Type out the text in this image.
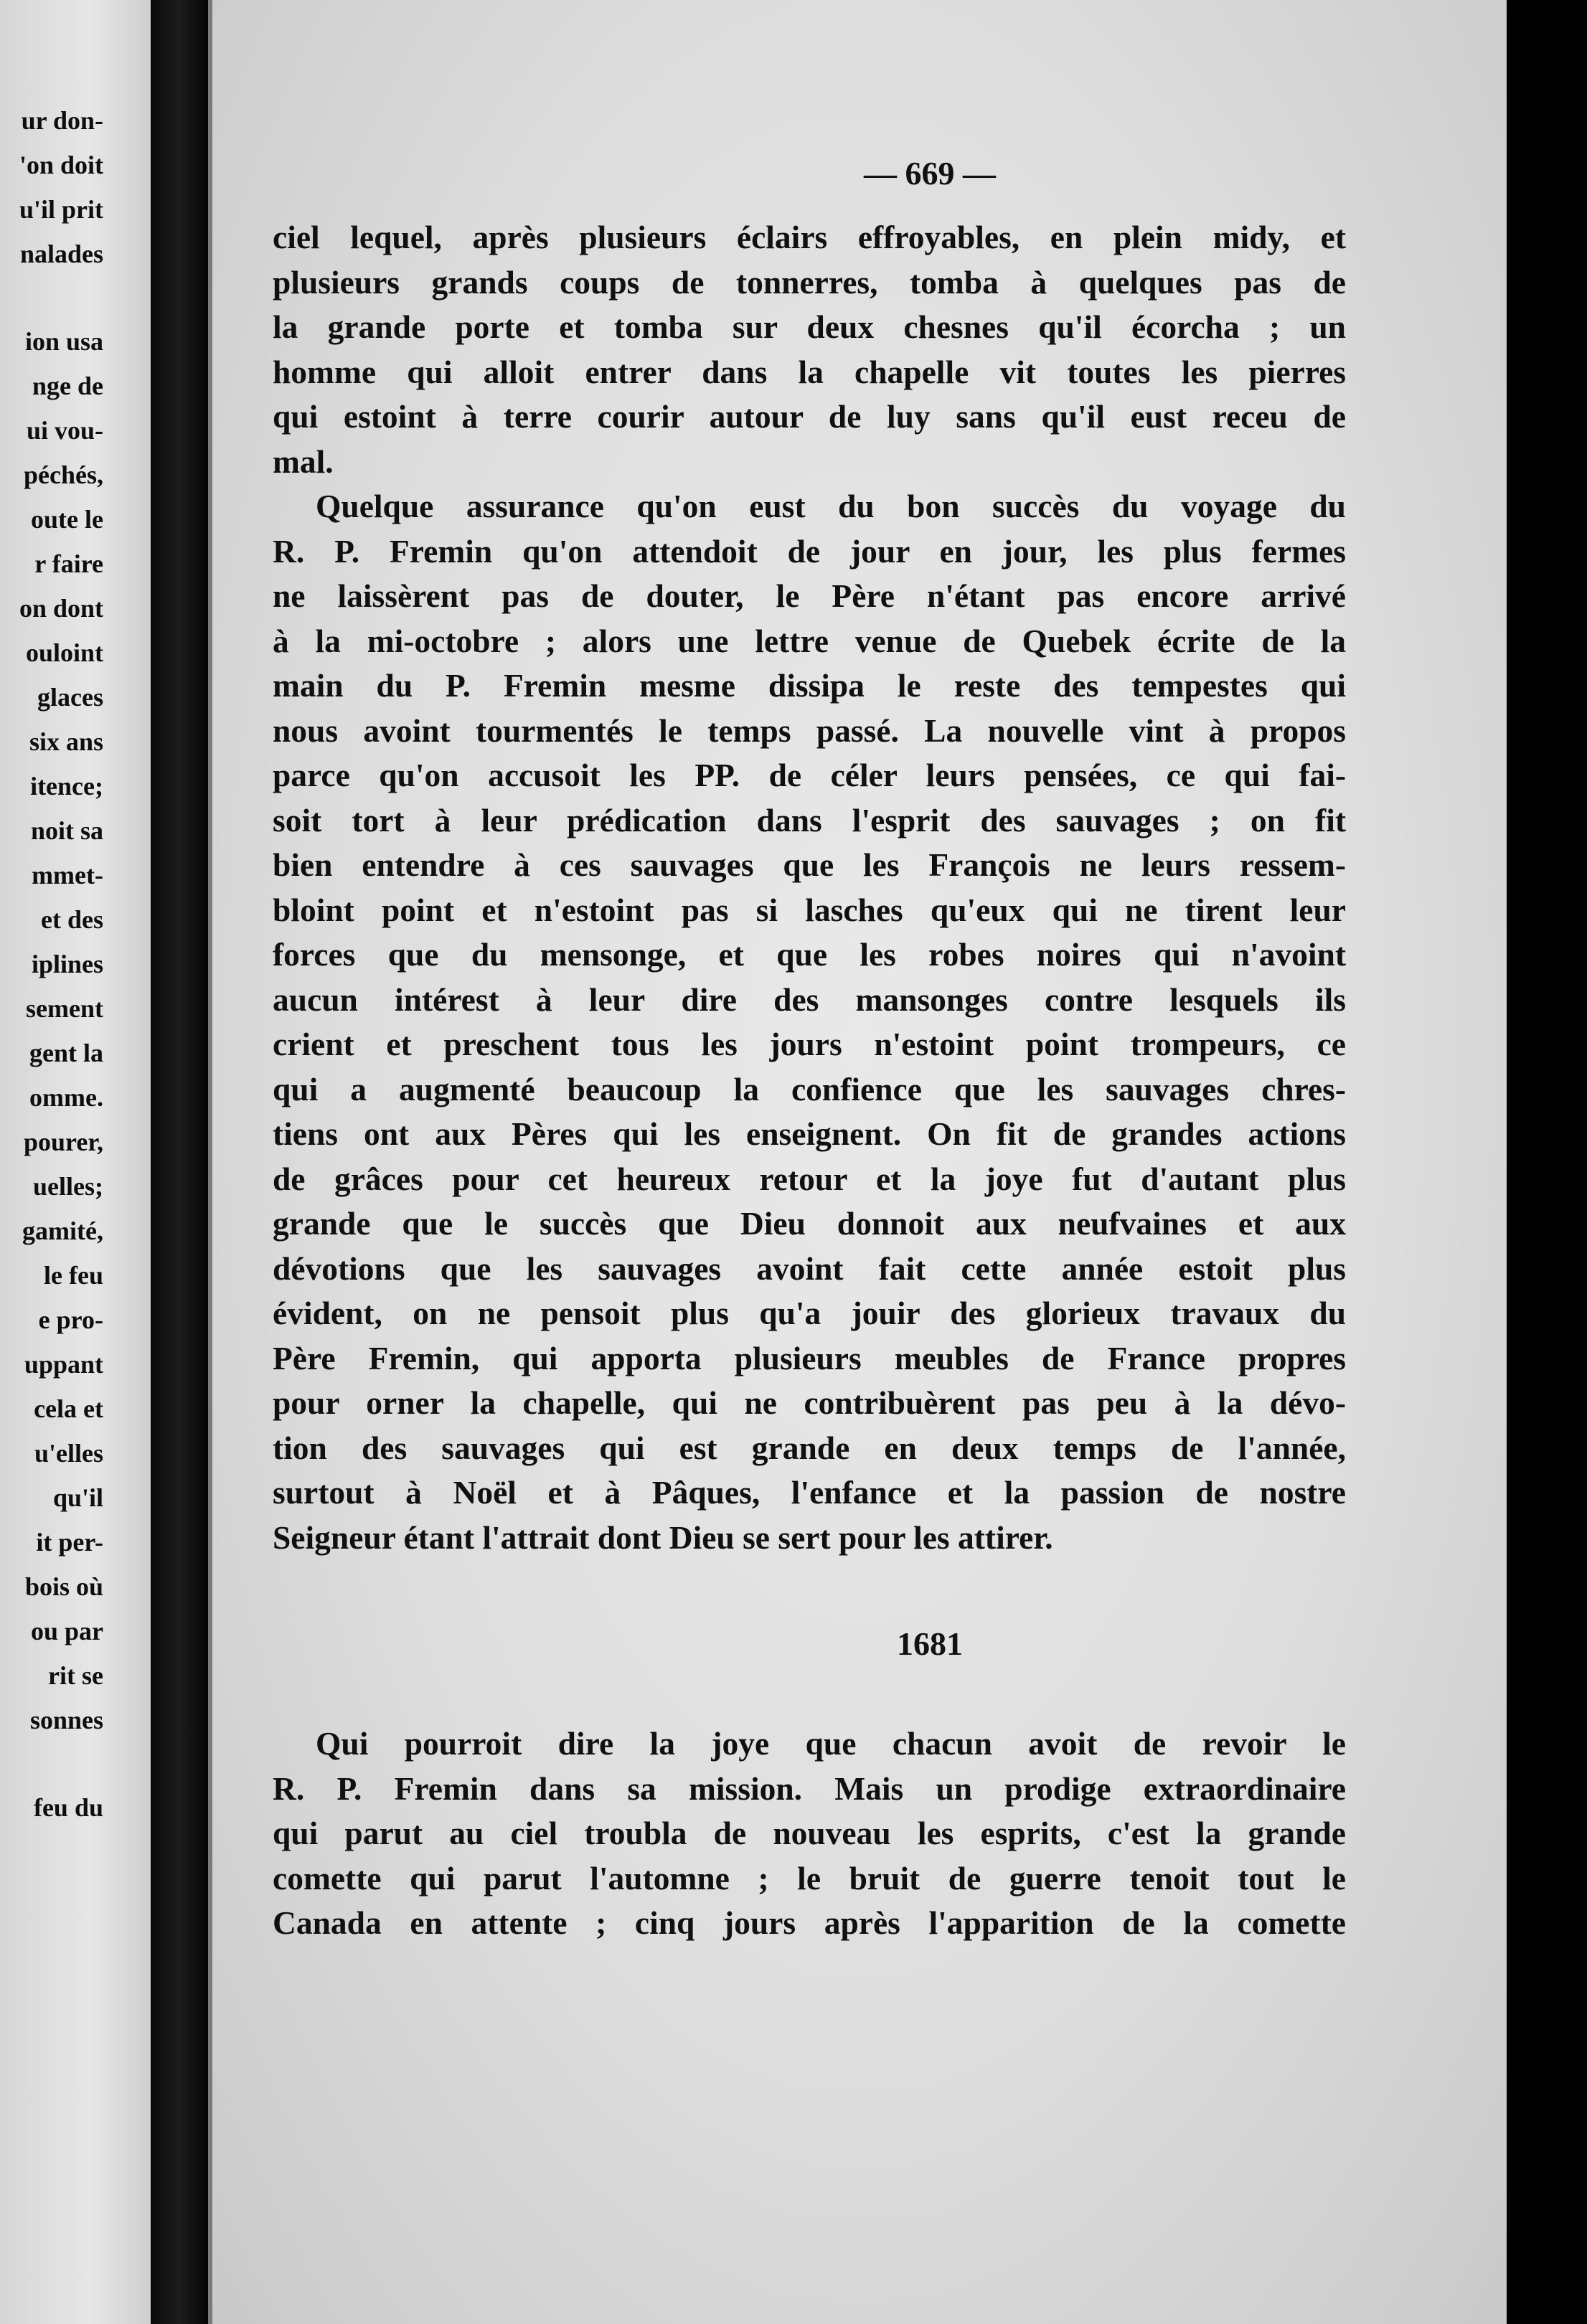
ur don-
'on doit
u'il prit
nalades
ion usa
nge de
ui vou-
péchés,
oute le
r faire
on dont
ouloint
glaces
six ans
itence;
noit sa
mmet-
et des
iplines
sement
gent la
omme.
pourer,
uelles;
gamité,
le feu
e pro-
uppant
cela et
u'elles
qu'il
it per-
bois où
ou par
rit se
sonnes
feu du
— 669 —
ciel lequel, après plusieurs éclairs effroyables, en plein midy, et
plusieurs grands coups de tonnerres, tomba à quelques pas de
la grande porte et tomba sur deux chesnes qu'il écorcha ; un
homme qui alloit entrer dans la chapelle vit toutes les pierres
qui estoint à terre courir autour de luy sans qu'il eust receu de
mal.
Quelque assurance qu'on eust du bon succès du voyage du
R. P. Fremin qu'on attendoit de jour en jour, les plus fermes
ne laissèrent pas de douter, le Père n'étant pas encore arrivé
à la mi-octobre ; alors une lettre venue de Quebek écrite de la
main du P. Fremin mesme dissipa le reste des tempestes qui
nous avoint tourmentés le temps passé. La nouvelle vint à propos
parce qu'on accusoit les PP. de céler leurs pensées, ce qui fai-
soit tort à leur prédication dans l'esprit des sauvages ; on fit
bien entendre à ces sauvages que les François ne leurs ressem-
bloint point et n'estoint pas si lasches qu'eux qui ne tirent leur
forces que du mensonge, et que les robes noires qui n'avoint
aucun intérest à leur dire des mansonges contre lesquels ils
crient et preschent tous les jours n'estoint point trompeurs, ce
qui a augmenté beaucoup la confience que les sauvages chres-
tiens ont aux Pères qui les enseignent. On fit de grandes actions
de grâces pour cet heureux retour et la joye fut d'autant plus
grande que le succès que Dieu donnoit aux neufvaines et aux
dévotions que les sauvages avoint fait cette année estoit plus
évident, on ne pensoit plus qu'a jouir des glorieux travaux du
Père Fremin, qui apporta plusieurs meubles de France propres
pour orner la chapelle, qui ne contribuèrent pas peu à la dévo-
tion des sauvages qui est grande en deux temps de l'année,
surtout à Noël et à Pâques, l'enfance et la passion de nostre
Seigneur étant l'attrait dont Dieu se sert pour les attirer.
1681
Qui pourroit dire la joye que chacun avoit de revoir le
R. P. Fremin dans sa mission. Mais un prodige extraordinaire
qui parut au ciel troubla de nouveau les esprits, c'est la grande
comette qui parut l'automne ; le bruit de guerre tenoit tout le
Canada en attente ; cinq jours après l'apparition de la comette
